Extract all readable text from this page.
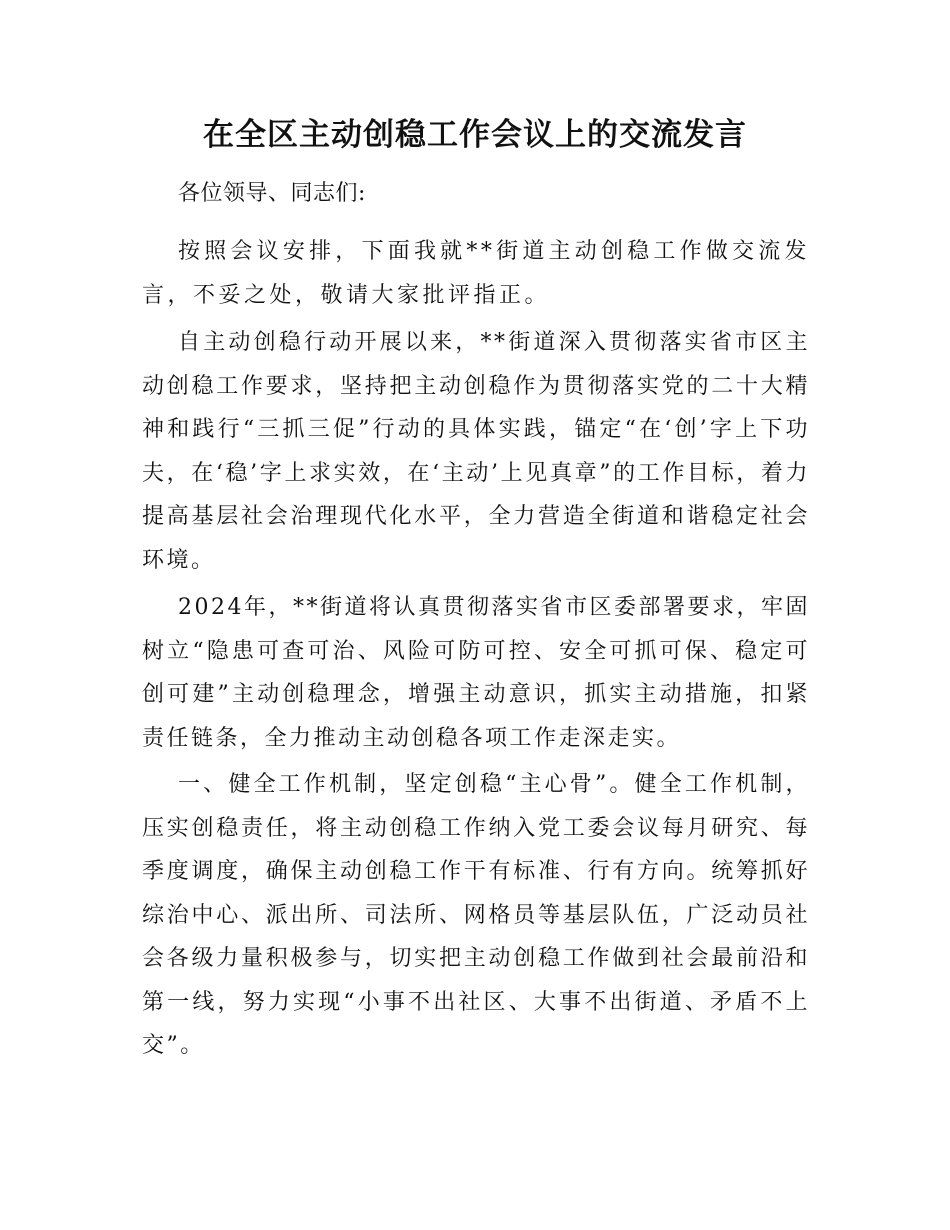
在全区主动创稳工作会议上的交流发言

各位领导、同志们:

按照会议安排，下面我就**街道主动创稳工作做交流发言，不妥之处，敬请大家批评指正。

自主动创稳行动开展以来，**街道深入贯彻落实省市区主动创稳工作要求，坚持把主动创稳作为贯彻落实党的二十大精神和践行“三抓三促”行动的具体实践，锚定“在‘创’字上下功夫，在‘稳’字上求实效，在‘主动’上见真章”的工作目标，着力提高基层社会治理现代化水平，全力营造全街道和谐稳定社会环境。

2024年，**街道将认真贯彻落实省市区委部署要求，牢固树立“隐患可查可治、风险可防可控、安全可抓可保、稳定可创可建”主动创稳理念，增强主动意识，抓实主动措施，扣紧责任链条，全力推动主动创稳各项工作走深走实。

一、健全工作机制，坚定创稳“主心骨”。健全工作机制，压实创稳责任，将主动创稳工作纳入党工委会议每月研究、每季度调度，确保主动创稳工作干有标准、行有方向。统筹抓好综治中心、派出所、司法所、网格员等基层队伍，广泛动员社会各级力量积极参与，切实把主动创稳工作做到社会最前沿和第一线，努力实现“小事不出社区、大事不出街道、矛盾不上交”。
